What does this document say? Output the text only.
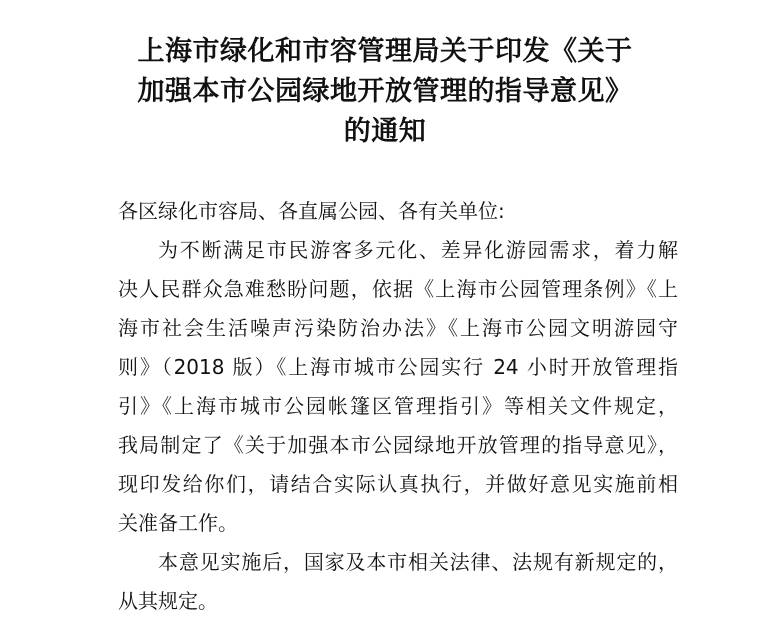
上海市绿化和市容管理局关于印发《关于
加强本市公园绿地开放管理的指导意见》
的通知
各区绿化市容局、各直属公园、各有关单位:
为不断满足市民游客多元化、差异化游园需求，着力解
决人民群众急难愁盼问题，依据《上海市公园管理条例》《上
海市社会生活噪声污染防治办法》《上海市公园文明游园守
则》（2018 版）《上海市城市公园实行 24 小时开放管理指
引》《上海市城市公园帐篷区管理指引》等相关文件规定，
我局制定了《关于加强本市公园绿地开放管理的指导意见》，
现印发给你们，请结合实际认真执行，并做好意见实施前相
关准备工作。
本意见实施后，国家及本市相关法律、法规有新规定的，
从其规定。
